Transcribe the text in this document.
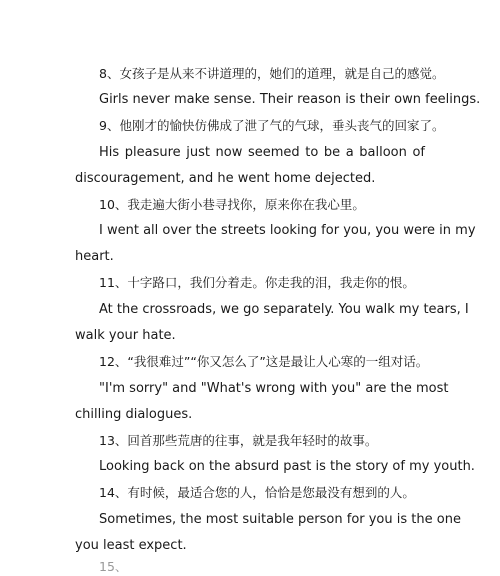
8、女孩子是从来不讲道理的，她们的道理，就是自己的感觉。
Girls never make sense. Their reason is their own feelings.
9、他刚才的愉快仿佛成了泄了气的气球，垂头丧气的回家了。
His pleasure just now seemed to be a balloon of
discouragement, and he went home dejected.
10、我走遍大街小巷寻找你，原来你在我心里。
I went all over the streets looking for you, you were in my
heart.
11、十字路口，我们分着走。你走我的泪，我走你的恨。
At the crossroads, we go separately. You walk my tears, I
walk your hate.
12、“我很难过”“你又怎么了”这是最让人心寒的一组对话。
"I'm sorry" and "What's wrong with you" are the most
chilling dialogues.
13、回首那些荒唐的往事，就是我年轻时的故事。
Looking back on the absurd past is the story of my youth.
14、有时候，最适合您的人，恰恰是您最没有想到的人。
Sometimes, the most suitable person for you is the one
you least expect.
15、
